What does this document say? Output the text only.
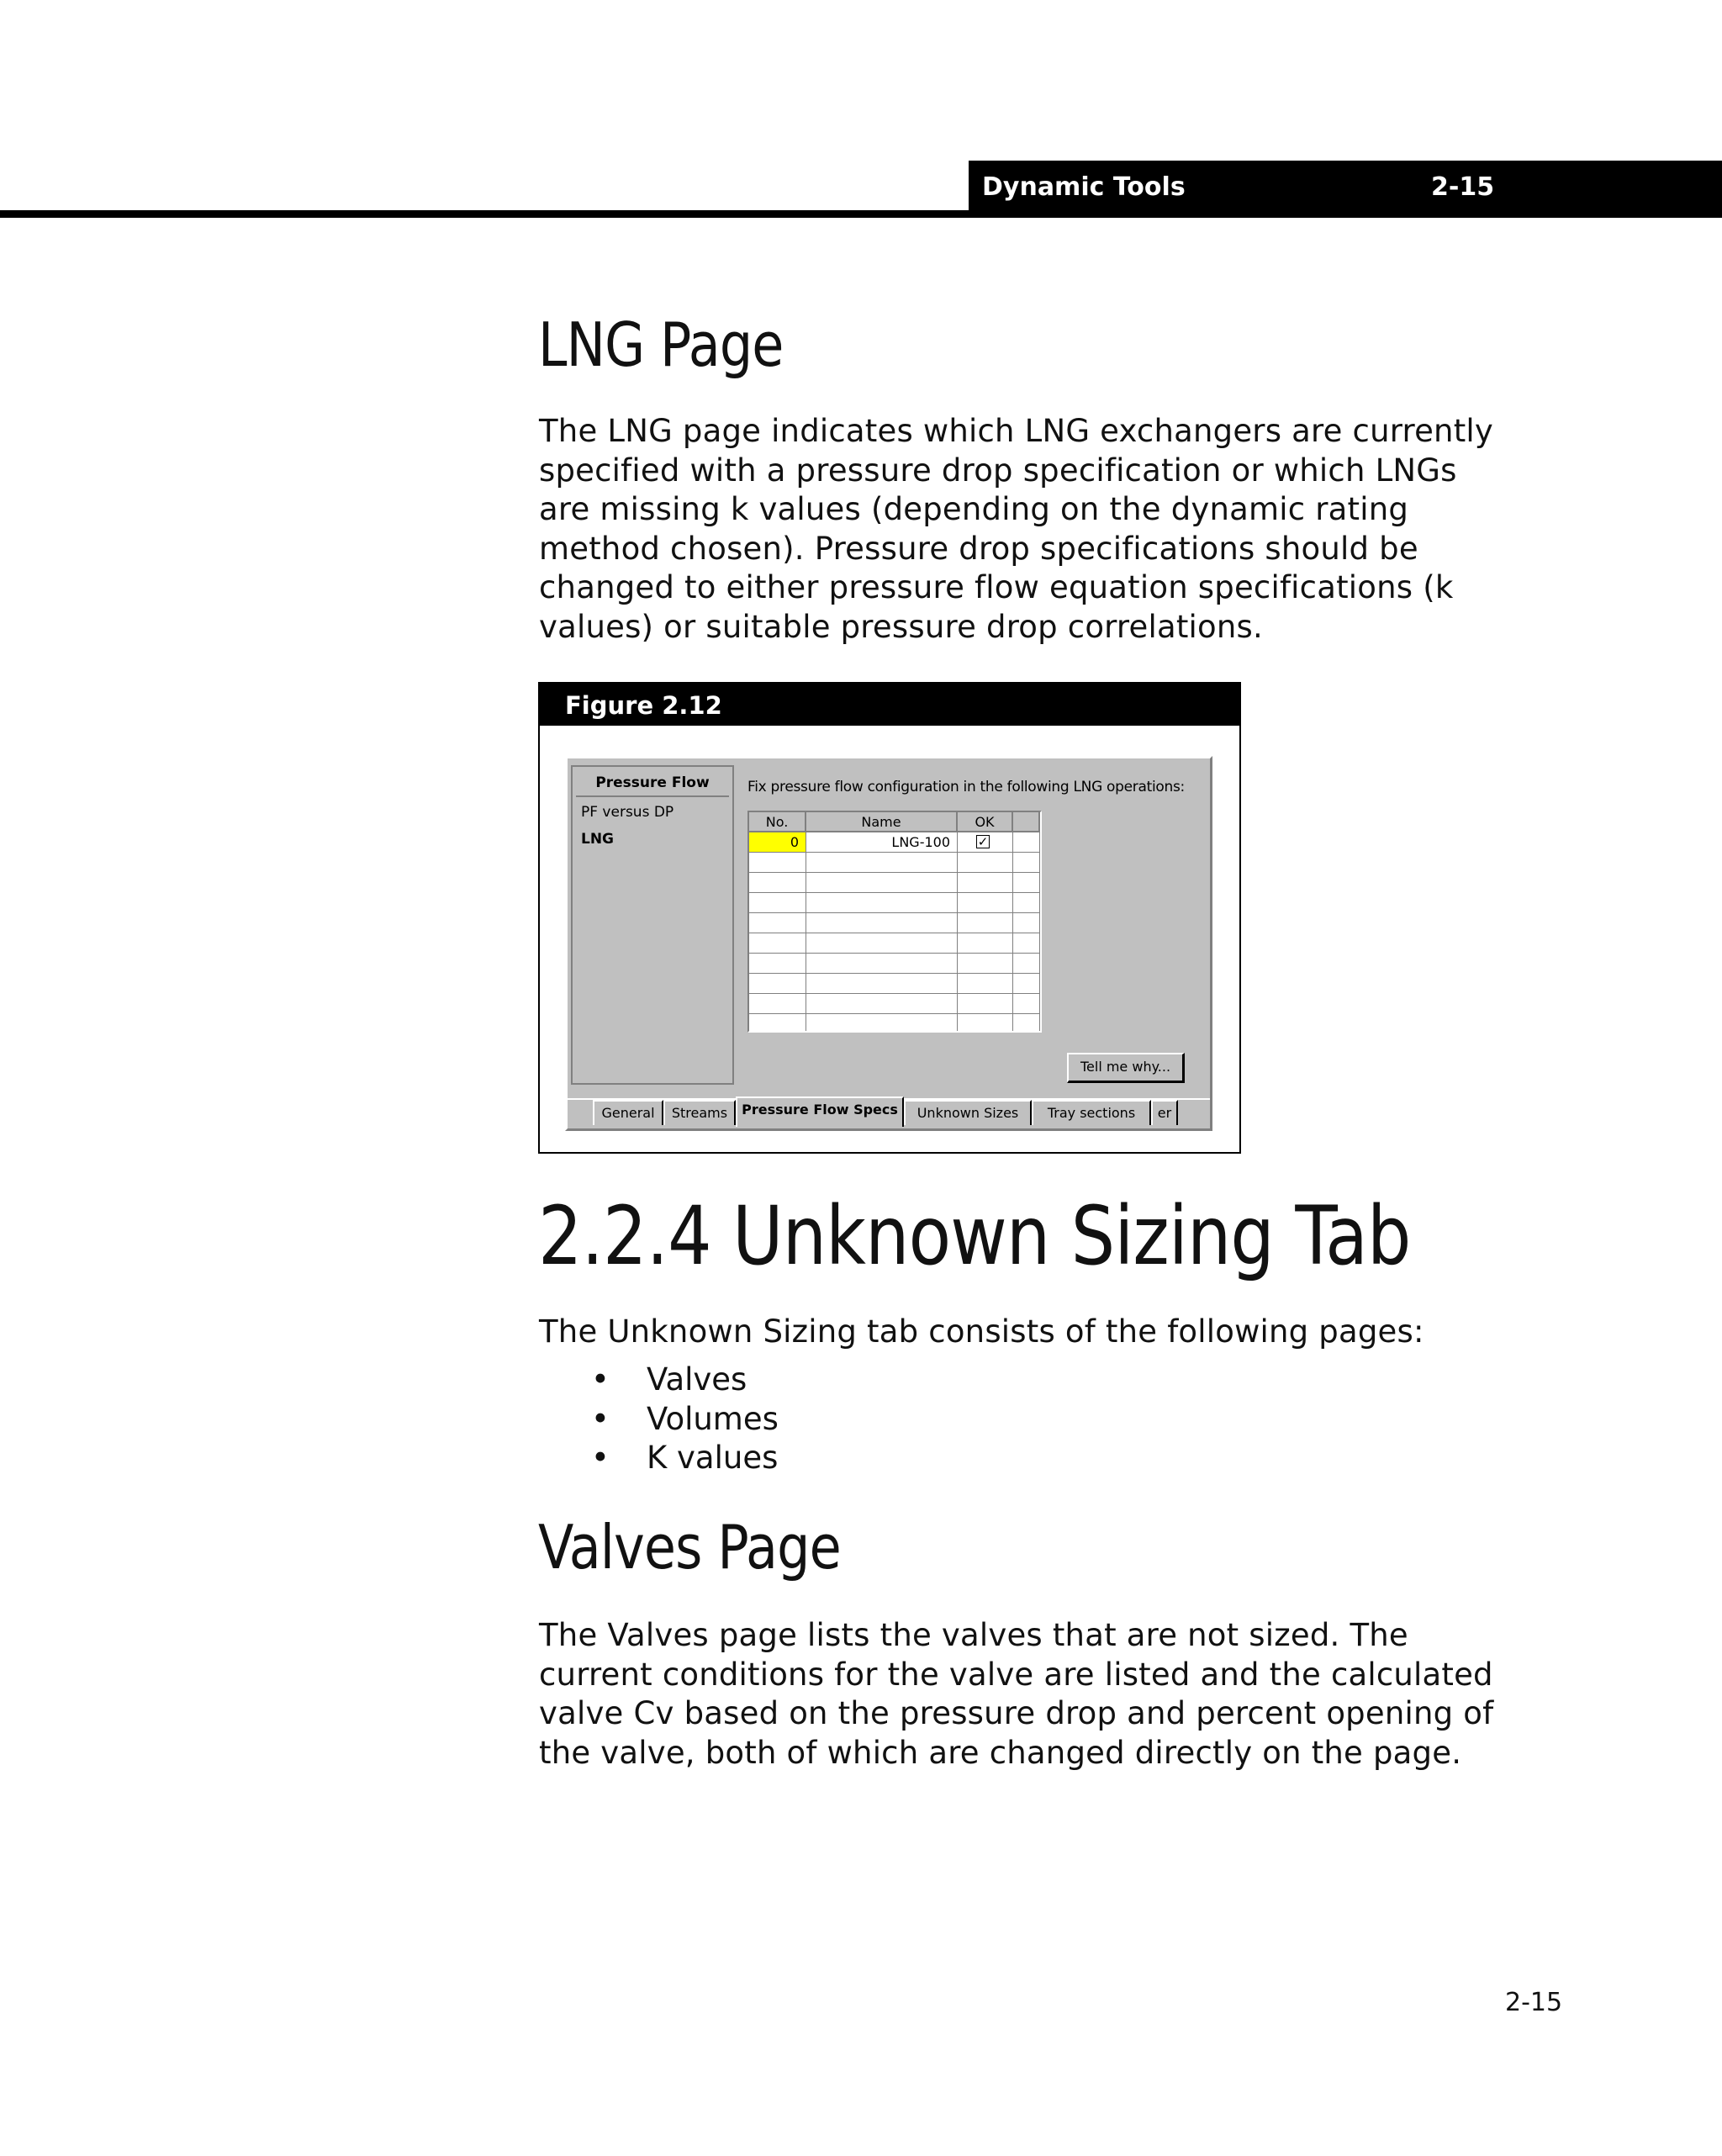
Dynamic Tools	2-15
LNG Page

The LNG page indicates which LNG exchangers are currently specified with a pressure drop specification or which LNGs are missing k values (depending on the dynamic rating method chosen). Pressure drop specifications should be changed to either pressure flow equation specifications (k values) or suitable pressure drop correlations.

Figure 2.12
Pressure Flow
PF versus DP
LNG
Fix pressure flow configuration in the following LNG operations:
No.	Name	OK
0	LNG-100	✓
Tell me why...
General	Streams	Pressure Flow Specs	Unknown Sizes	Tray sections	er
2.2.4 Unknown Sizing Tab

The Unknown Sizing tab consists of the following pages:

• Valves
• Volumes
• K values
Valves Page

The Valves page lists the valves that are not sized. The current conditions for the valve are listed and the calculated valve Cv based on the pressure drop and percent opening of the valve, both of which are changed directly on the page.

2-15
